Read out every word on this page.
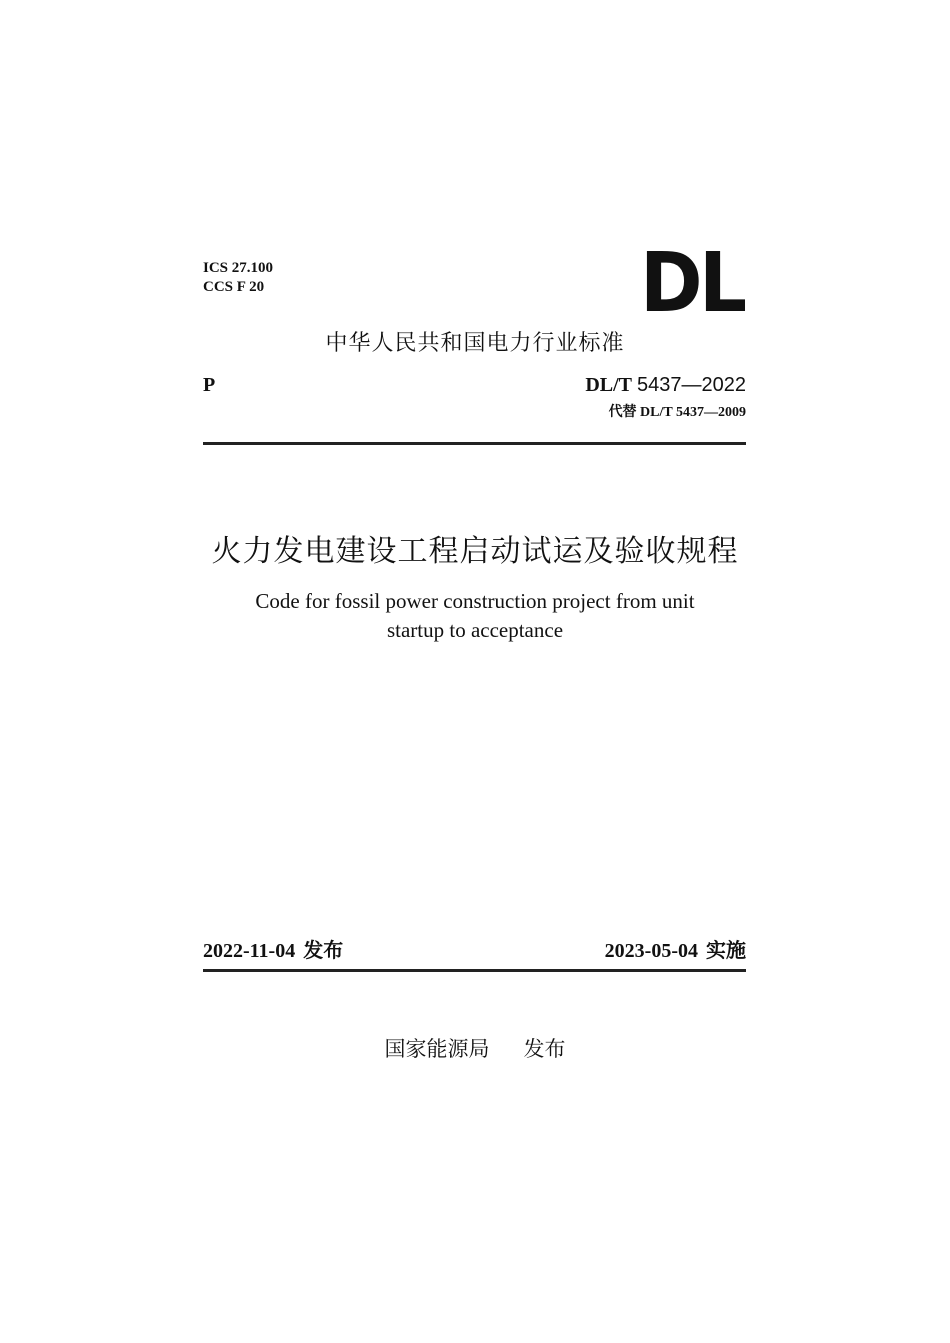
ICS 27.100
CCS F 20	DL
中华人民共和国电力行业标准
P	DL/T 5437—2022
代替 DL/T 5437—2009
火力发电建设工程启动试运及验收规程
Code for fossil power construction project from unit
startup to acceptance
2022-11-04 发布	2023-05-04 实施
国家能源局 发布
